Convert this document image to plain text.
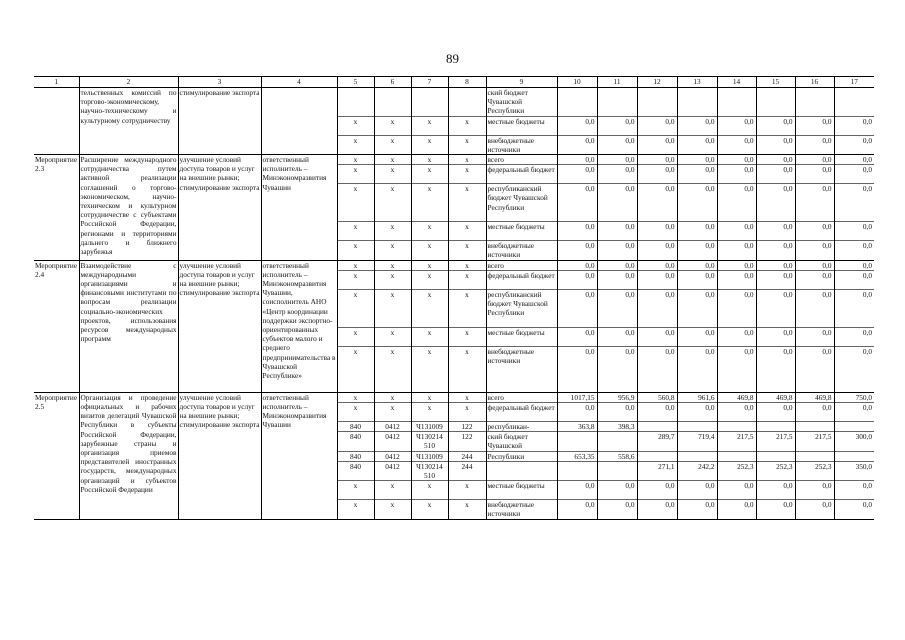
89
1	2	3	4	5	6	7	8	9	10	11	12	13	14	15	16	17
	тельственных комиссий по торгово-экономическому, научно-техническому и культурному сотрудничеству	стимулирование экспорта						ский бюджет Чувашской Республики								
				x	x	x	x	местные бюджеты	0,0	0,0	0,0	0,0	0,0	0,0	0,0	0,0
				x	x	x	x	внебюджетные источники	0,0	0,0	0,0	0,0	0,0	0,0	0,0	0,0
Мероприятие 2.3	Расширение международного сотрудничества путем активной реализации соглашений о торгово-экономическом, научно-техническом и культурном сотрудничестве с субъектами Российской Федерации, регионами и территориями дальнего и ближнего зарубежья	улучшение условий доступа товаров и услуг на внешние рынки; стимулирование экспорта	ответственный исполнитель – Минэкономразвития Чувашии	x	x	x	x	всего	0,0	0,0	0,0	0,0	0,0	0,0	0,0	0,0
				x	x	x	x	федеральный бюджет	0,0	0,0	0,0	0,0	0,0	0,0	0,0	0,0
				x	x	x	x	республиканский бюджет Чувашской Республики	0,0	0,0	0,0	0,0	0,0	0,0	0,0	0,0
				x	x	x	x	местные бюджеты	0,0	0,0	0,0	0,0	0,0	0,0	0,0	0,0
				x	x	x	x	внебюджетные источники	0,0	0,0	0,0	0,0	0,0	0,0	0,0	0,0
Мероприятие 2.4	Взаимодействие с международными организациями и финансовыми институтами по вопросам реализации социально-экономических проектов, использования ресурсов международных программ	улучшение условий доступа товаров и услуг на внешние рынки; стимулирование экспорта	ответственный исполнитель – Минэкономразвития Чувашии, соисполнитель АНО «Центр координации поддержки экспортно-ориентированных субъектов малого и среднего предпринимательства в Чувашской Республике»	x	x	x	x	всего	0,0	0,0	0,0	0,0	0,0	0,0	0,0	0,0
				x	x	x	x	федеральный бюджет	0,0	0,0	0,0	0,0	0,0	0,0	0,0	0,0
				x	x	x	x	республиканский бюджет Чувашской Республики	0,0	0,0	0,0	0,0	0,0	0,0	0,0	0,0
				x	x	x	x	местные бюджеты	0,0	0,0	0,0	0,0	0,0	0,0	0,0	0,0
				x	x	x	x	внебюджетные источники	0,0	0,0	0,0	0,0	0,0	0,0	0,0	0,0
Мероприятие 2.5	Организация и проведение официальных и рабочих визитов делегаций Чувашской Республики в субъекты Российской Федерации, зарубежные страны и организация приемов представителей иностранных государств, международных организаций и субъектов Российской Федерации	улучшение условий доступа товаров и услуг на внешние рынки; стимулирование экспорта	ответственный исполнитель – Минэкономразвития Чувашии	x	x	x	x	всего	1017,15	956,9	560,8	961,6	469,8	469,8	469,8	750,0
				x	x	x	x	федеральный бюджет	0,0	0,0	0,0	0,0	0,0	0,0	0,0	0,0
				840	0412	Ч131009	122	республикан-	363,8	398,3						
				840	0412	Ч130214 510	122	ский бюджет Чувашской			289,7	719,4	217,5	217,5	217,5	300,0
				840	0412	Ч131009	244	Республики	653,35	558,6						
				840	0412	Ч130214 510	244				271,1	242,2	252,3	252,3	252,3	350,0
				x	x	x	x	местные бюджеты	0,0	0,0	0,0	0,0	0,0	0,0	0,0	0,0
				x	x	x	x	внебюджетные источники	0,0	0,0	0,0	0,0	0,0	0,0	0,0	0,0
